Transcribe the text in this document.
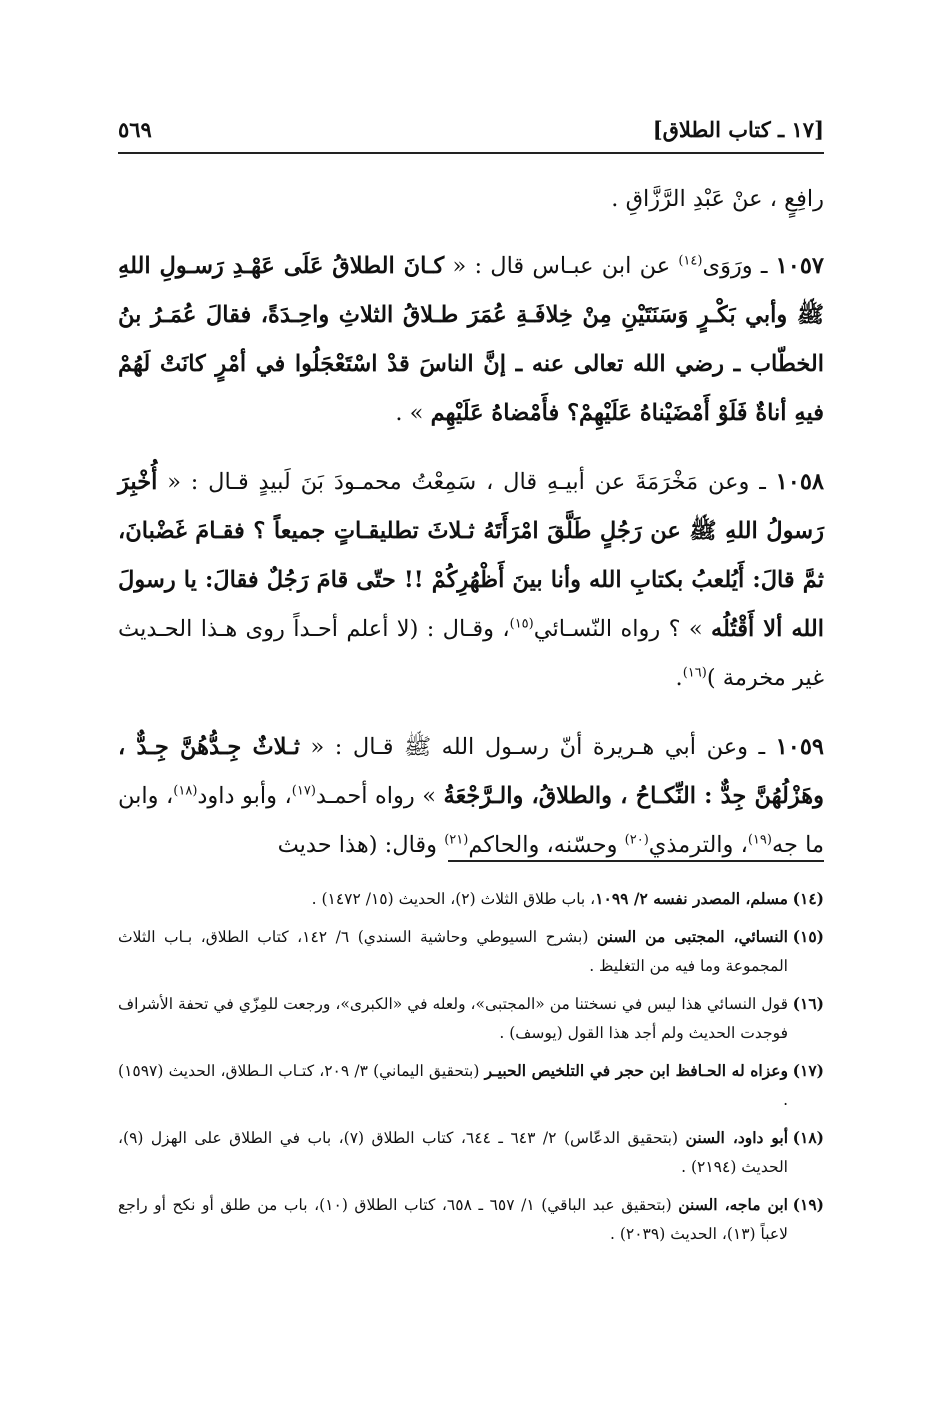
[١٧ ـ كتاب الطلاق]
٥٦٩

رافِعٍ ، عنْ عَبْدِ الرَّزَّاقِ .

١٠٥٧ ـ ورَوَى$^{(١٤)}$ عن ابن عبـاس قال : « كـانَ الطلاقُ عَلَى عَهْـدِ رَسـولِ اللهِ ﷺ وأبي بَكْـرٍ وَسَنَتَيْنِ مِنْ خِلافَـةِ عُمَرَ طـلاقُ الثلاثِ واحِـدَةً، فقالَ عُمَـرُ بنُ الخطّاب ـ رضي الله تعالى عنه ـ إنَّ الناسَ قدْ اسْتَعْجَلُوا في أمْرٍ كانَتْ لَهُمْ فيهِ أناةٌ فَلَوْ أَمْضَيْناهُ عَلَيْهِمْ؟ فأَمْضاهُ عَلَيْهِم » .

١٠٥٨ ـ وعن مَخْرَمَةَ عن أبيـهِ قال ، سَمِعْتُ محمـودَ بَنَ لَبيدٍ قـال : « أُخْبِرَ رَسولُ اللهِ ﷺ عن رَجُلٍ طَلَّقَ امْرَأَتَهُ ثـلاثَ تطليقـاتٍ جميعاً ؟ فقـامَ غَضْبانَ، ثمَّ قالَ: أَيُلعبُ بكتابِ الله وأنا بينَ أَظْهُرِكُمْ !! حتّى قامَ رَجُلٌ فقالَ: يا رسولَ الله ألا أَقْتُلُه » ؟ رواه النّسـائي$^{(١٥)}$، وقـال : (لا أعلم أحـداً روى هـذا الحـديث غير مخرمة )$^{(١٦)}$.

١٠٥٩ ـ وعن أبي هـريرة أنّ رسـول الله ﷺ قـال : « ثـلاثٌ جِـدُّهُنَّ جِـدٌّ ، وهَزْلُهُنَّ جِدٌّ : النِّكـاحُ ، والطلاقُ، والـرَّجْعَةُ » رواه أحمـد$^{(١٧)}$، وأبو داود$^{(١٨)}$، وابن ما جه$^{(١٩)}$، والترمذي$^{(٢٠)}$ وحسّنه، والحاكم$^{(٢١)}$ وقال: (هذا حديث

(١٤)
مسلم، المصدر نفسه ٢/ ١٠٩٩، باب طلاق الثلاث (٢)، الحديث (١٥/ ١٤٧٢) .
(١٥)
النسائي، المجتبى من السنن (بشرح السيوطي وحاشية السندي) ٦/ ١٤٢، كتاب الطلاق، بـاب الثلاث المجموعة وما فيه من التغليظ .
(١٦)
قول النسائي هذا ليس في نسختنا من «المجتبى»، ولعله في «الكبرى»، ورجعت للمِزّي في تحفة الأشراف فوجدت الحديث ولم أجد هذا القول (يوسف) .
(١٧)
وعزاه له الحـافظ ابن حجر في التلخيص الحبيـر (بتحقيق اليماني) ٣/ ٢٠٩، كتـاب الـطلاق، الحديث (١٥٩٧) .
(١٨)
أبو داود، السنن (بتحقيق الدعّاس) ٢/ ٦٤٣ ـ ٦٤٤، كتاب الطلاق (٧)، باب في الطلاق على الهزل (٩)، الحديث (٢١٩٤) .
(١٩)
ابن ماجه، السنن (بتحقيق عبد الباقي) ١/ ٦٥٧ ـ ٦٥٨، كتاب الطلاق (١٠)، باب من طلق أو نكح أو راجع لاعباً (١٣)، الحديث (٢٠٣٩) .
